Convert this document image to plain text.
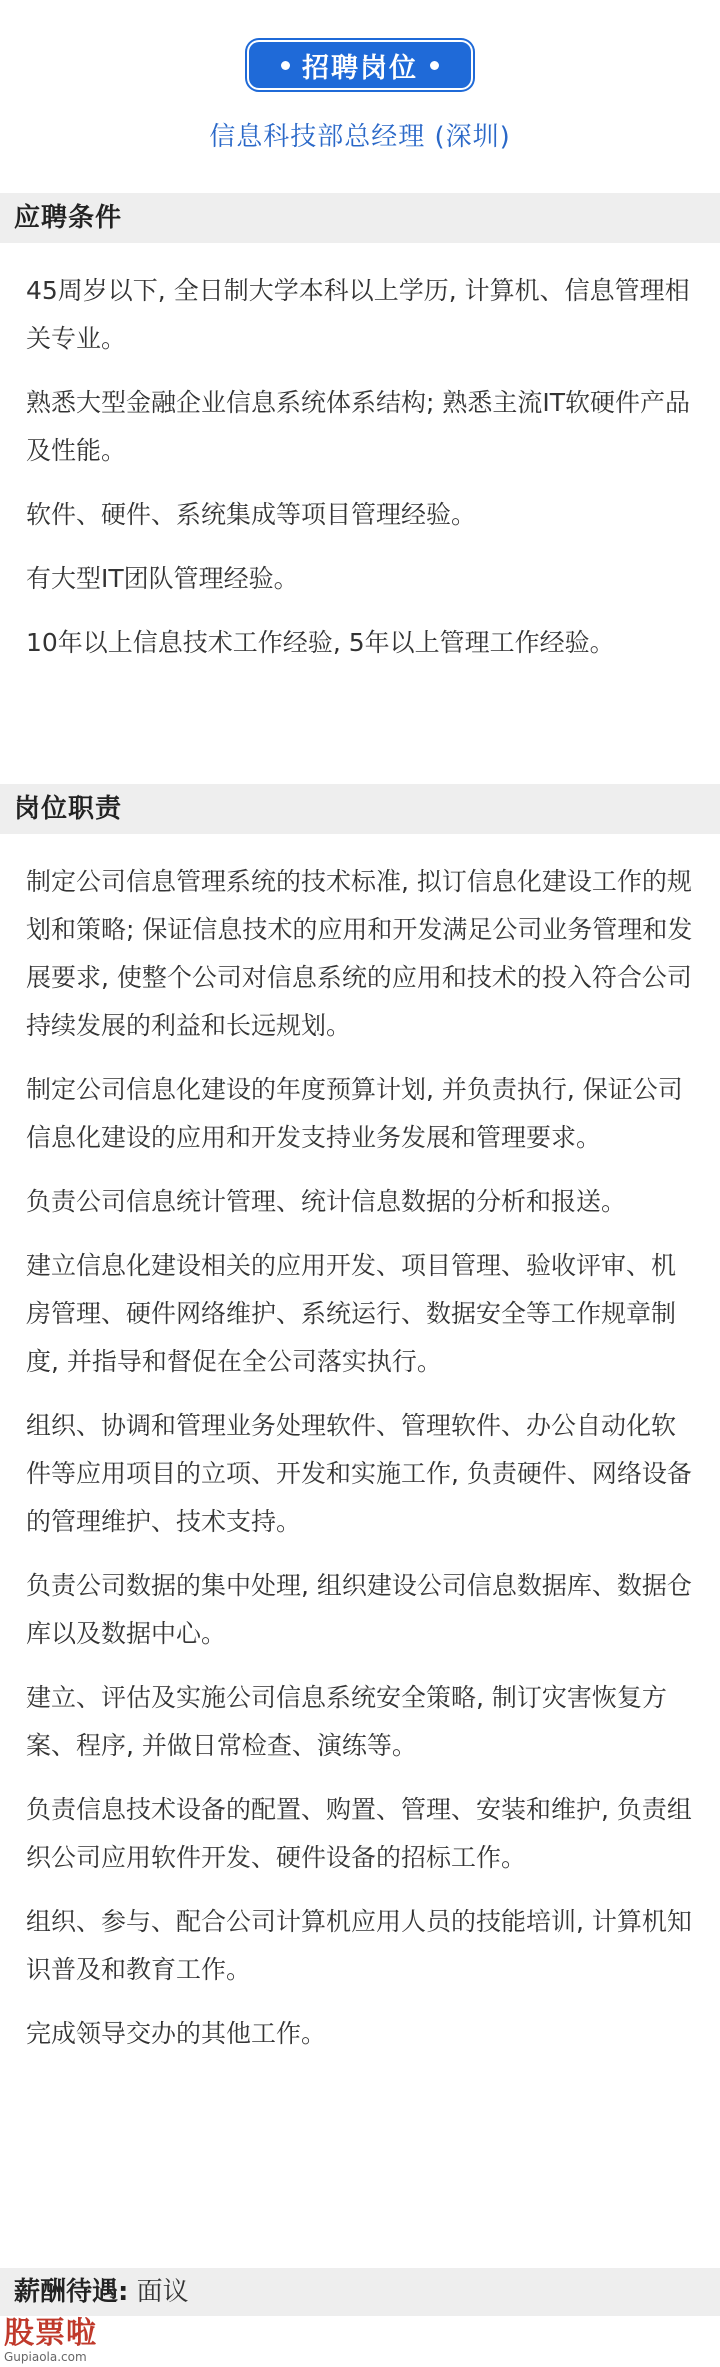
招聘岗位
信息科技部总经理 (深圳)
应聘条件

45周岁以下, 全日制大学本科以上学历, 计算机、信息管理相关专业。

熟悉大型金融企业信息系统体系结构; 熟悉主流IT软硬件产品及性能。

软件、硬件、系统集成等项目管理经验。

有大型IT团队管理经验。

10年以上信息技术工作经验, 5年以上管理工作经验。

岗位职责

制定公司信息管理系统的技术标准, 拟订信息化建设工作的规划和策略; 保证信息技术的应用和开发满足公司业务管理和发展要求, 使整个公司对信息系统的应用和技术的投入符合公司持续发展的利益和长远规划。

制定公司信息化建设的年度预算计划, 并负责执行, 保证公司信息化建设的应用和开发支持业务发展和管理要求。

负责公司信息统计管理、统计信息数据的分析和报送。

建立信息化建设相关的应用开发、项目管理、验收评审、机房管理、硬件网络维护、系统运行、数据安全等工作规章制度, 并指导和督促在全公司落实执行。

组织、协调和管理业务处理软件、管理软件、办公自动化软件等应用项目的立项、开发和实施工作, 负责硬件、网络设备的管理维护、技术支持。

负责公司数据的集中处理, 组织建设公司信息数据库、数据仓库以及数据中心。

建立、评估及实施公司信息系统安全策略, 制订灾害恢复方案、程序, 并做日常检查、演练等。

负责信息技术设备的配置、购置、管理、安装和维护, 负责组织公司应用软件开发、硬件设备的招标工作。

组织、参与、配合公司计算机应用人员的技能培训, 计算机知识普及和教育工作。

完成领导交办的其他工作。

薪酬待遇: 面议
股票啦
Gupiaola.com
